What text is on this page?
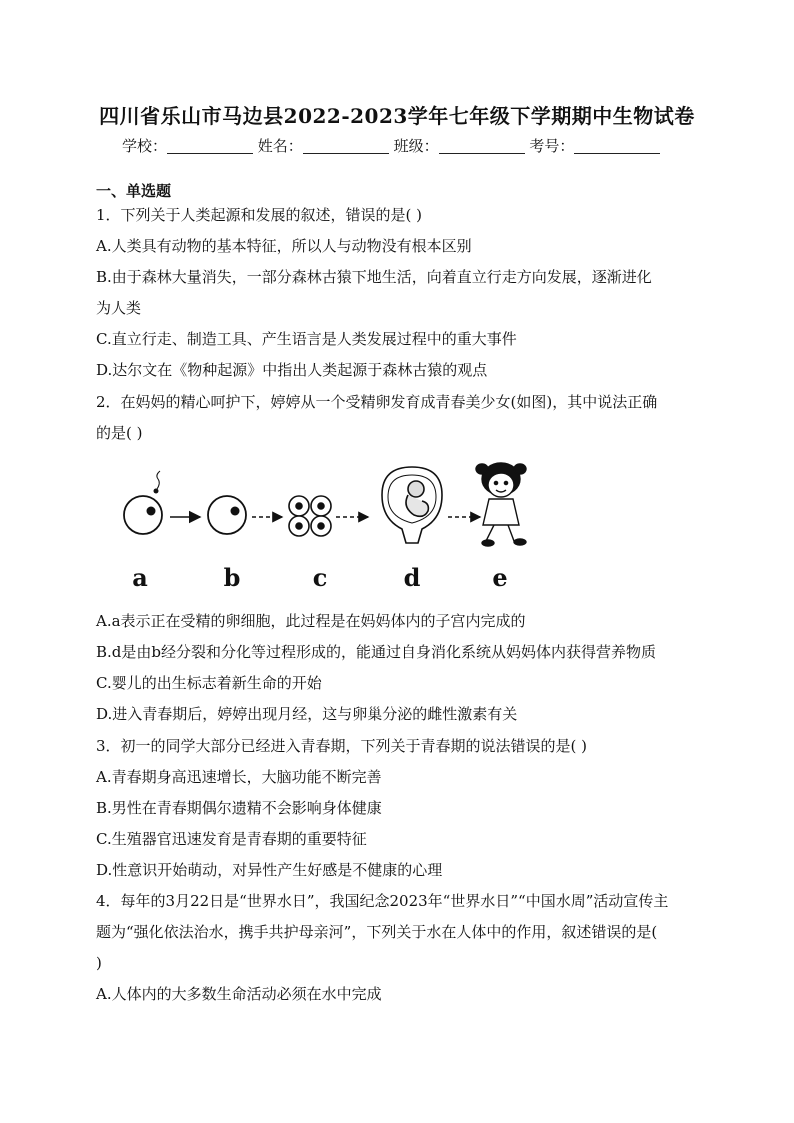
四川省乐山市马边县2022-2023学年七年级下学期期中生物试卷
学校：	姓名：	班级：	考号：
一、单选题
1．下列关于人类起源和发展的叙述，错误的是( )
A.人类具有动物的基本特征，所以人与动物没有根本区别
B.由于森林大量消失，一部分森林古猿下地生活，向着直立行走方向发展，逐渐进化
为人类
C.直立行走、制造工具、产生语言是人类发展过程中的重大事件
D.达尔文在《物种起源》中指出人类起源于森林古猿的观点
2．在妈妈的精心呵护下，婷婷从一个受精卵发育成青春美少女(如图)，其中说法正确
的是( )
a	b	c	d	e
A.a表示正在受精的卵细胞，此过程是在妈妈体内的子宫内完成的
B.d是由b经分裂和分化等过程形成的，能通过自身消化系统从妈妈体内获得营养物质
C.婴儿的出生标志着新生命的开始
D.进入青春期后，婷婷出现月经，这与卵巢分泌的雌性激素有关
3．初一的同学大部分已经进入青春期，下列关于青春期的说法错误的是( )
A.青春期身高迅速增长，大脑功能不断完善
B.男性在青春期偶尔遗精不会影响身体健康
C.生殖器官迅速发育是青春期的重要特征
D.性意识开始萌动，对异性产生好感是不健康的心理
4．每年的3月22日是“世界水日”，我国纪念2023年“世界水日”“中国水周”活动宣传主
题为“强化依法治水，携手共护母亲河”，下列关于水在人体中的作用，叙述错误的是(
)
A.人体内的大多数生命活动必须在水中完成
